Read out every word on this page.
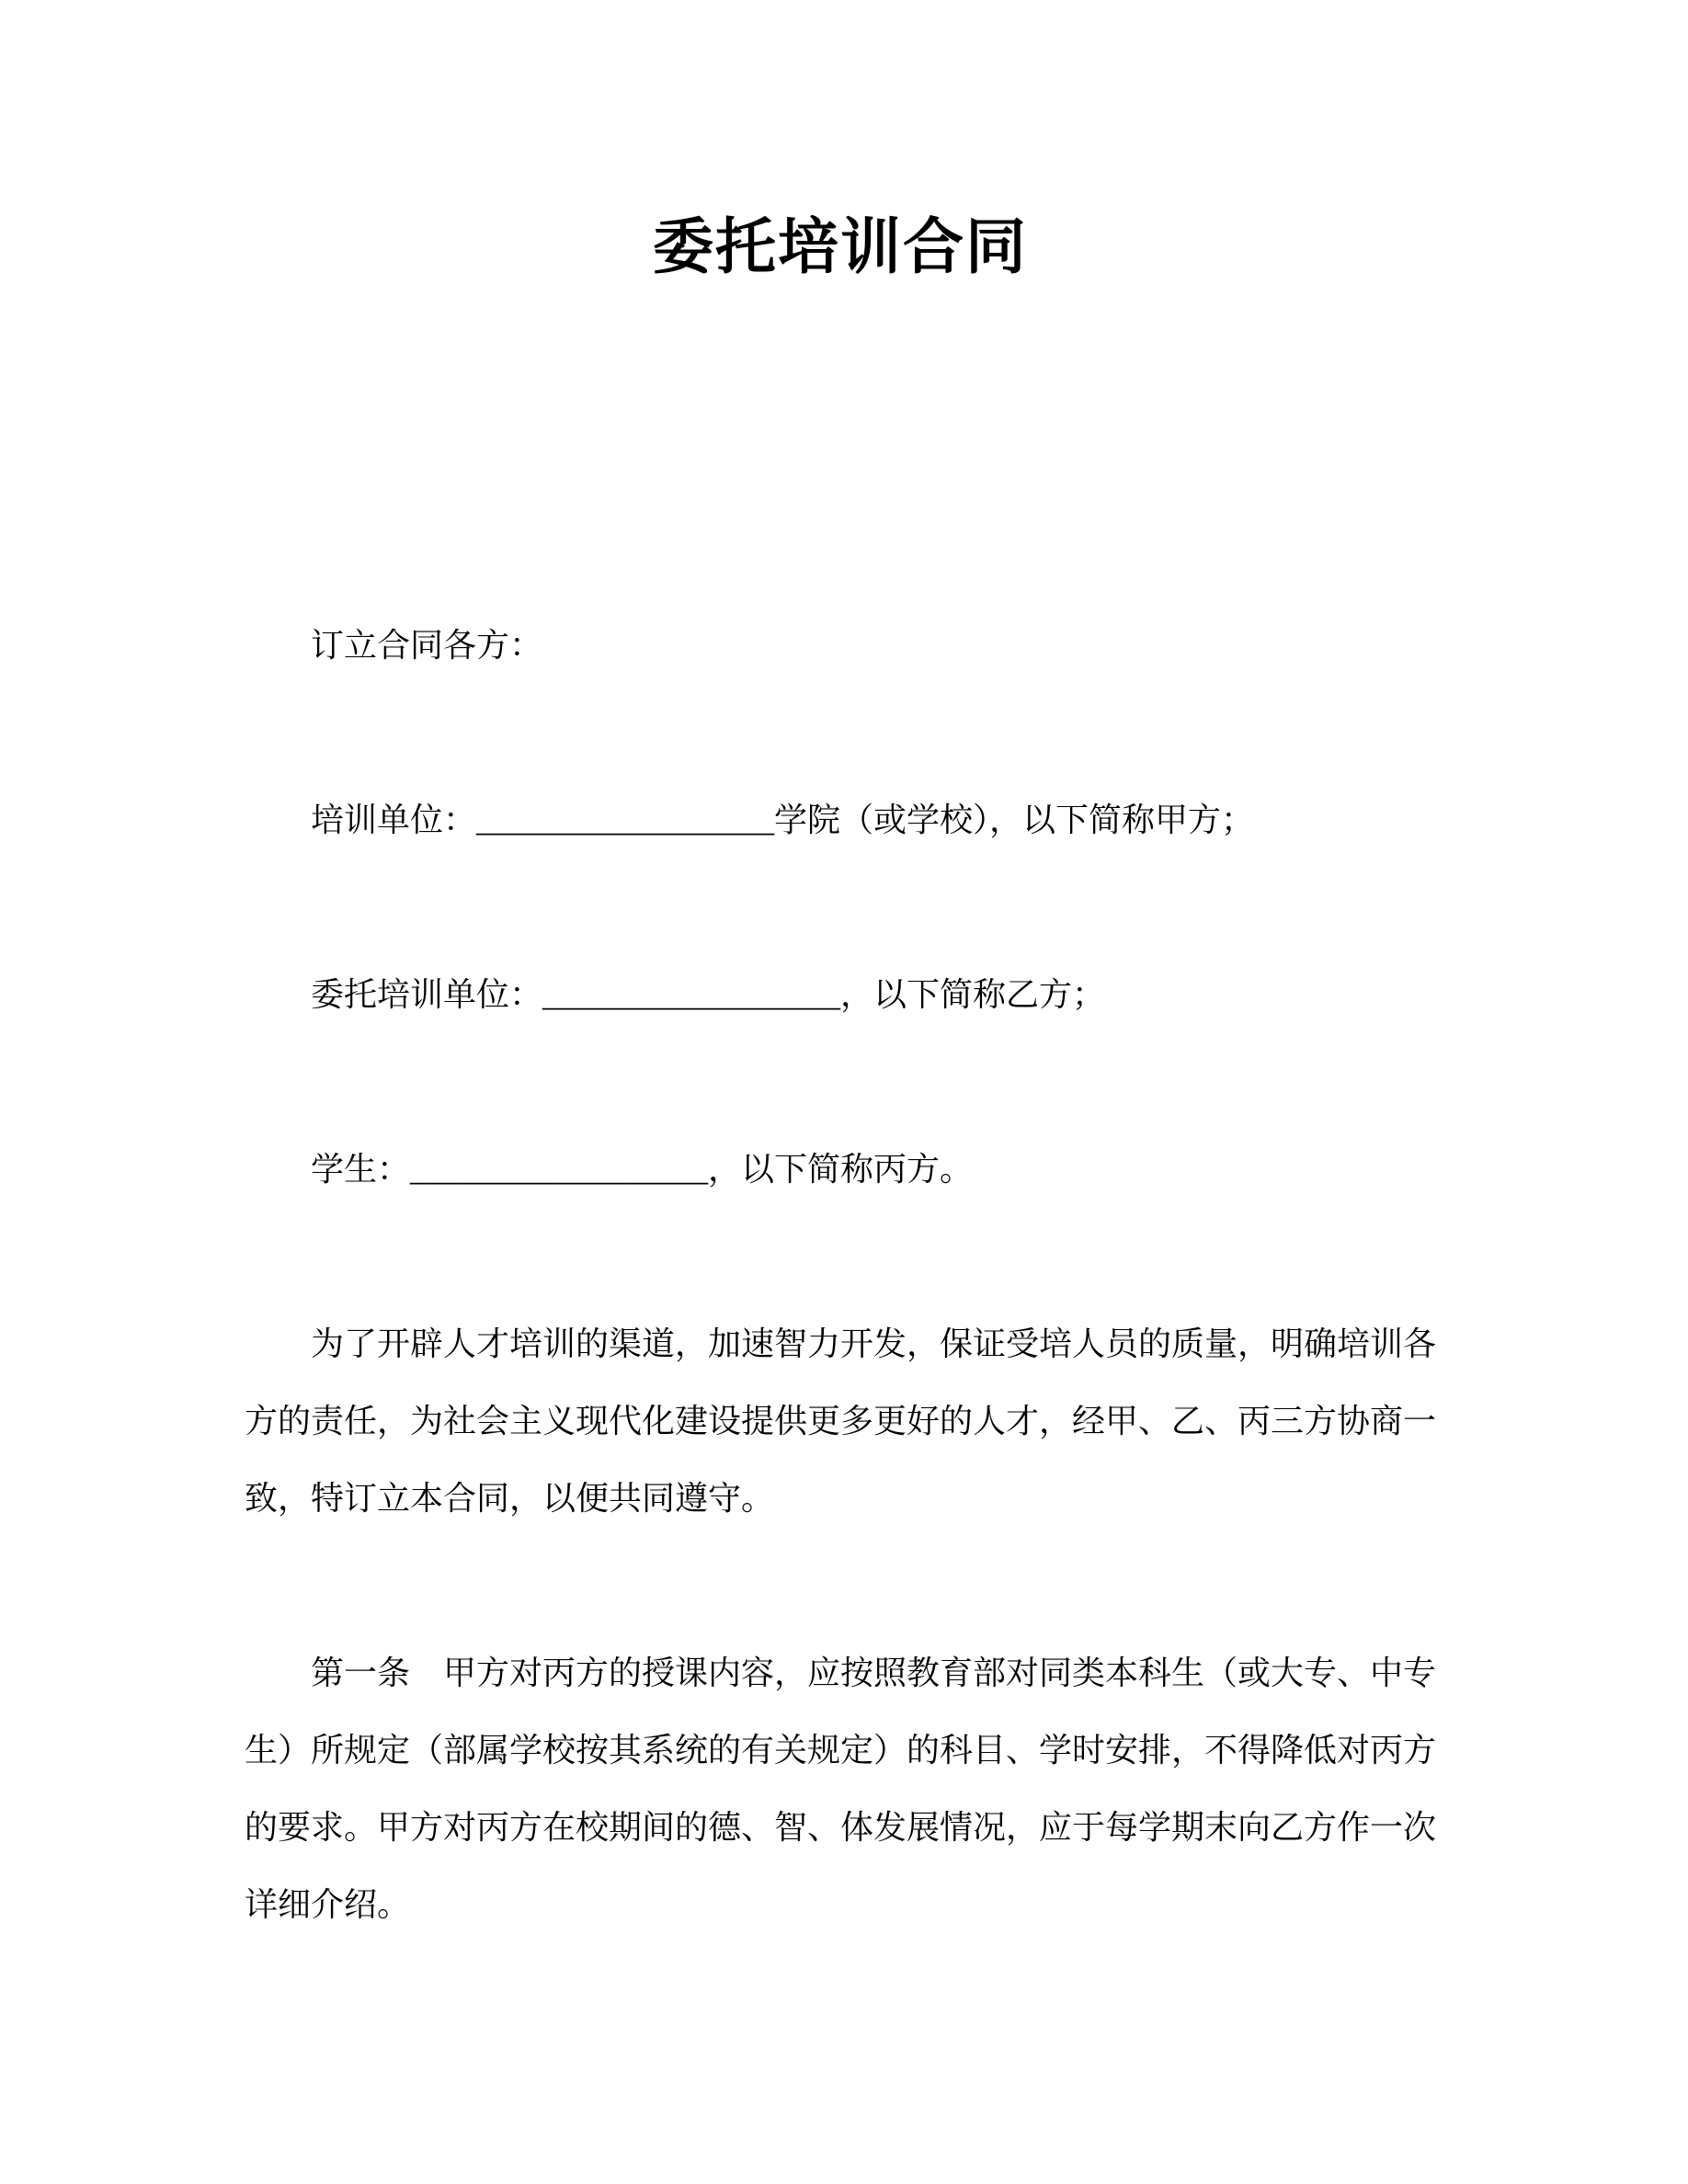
委托培训合同

订立合同各方：

培训单位：__________________学院（或学校），以下简称甲方；

委托培训单位：__________________，以下简称乙方；

学生：__________________，以下简称丙方。

为了开辟人才培训的渠道，加速智力开发，保证受培人员的质量，明确培训各方的责任，为社会主义现代化建设提供更多更好的人才，经甲、乙、丙三方协商一致，特订立本合同，以便共同遵守。

第一条　甲方对丙方的授课内容，应按照教育部对同类本科生（或大专、中专生）所规定（部属学校按其系统的有关规定）的科目、学时安排，不得降低对丙方的要求。甲方对丙方在校期间的德、智、体发展情况，应于每学期末向乙方作一次详细介绍。
